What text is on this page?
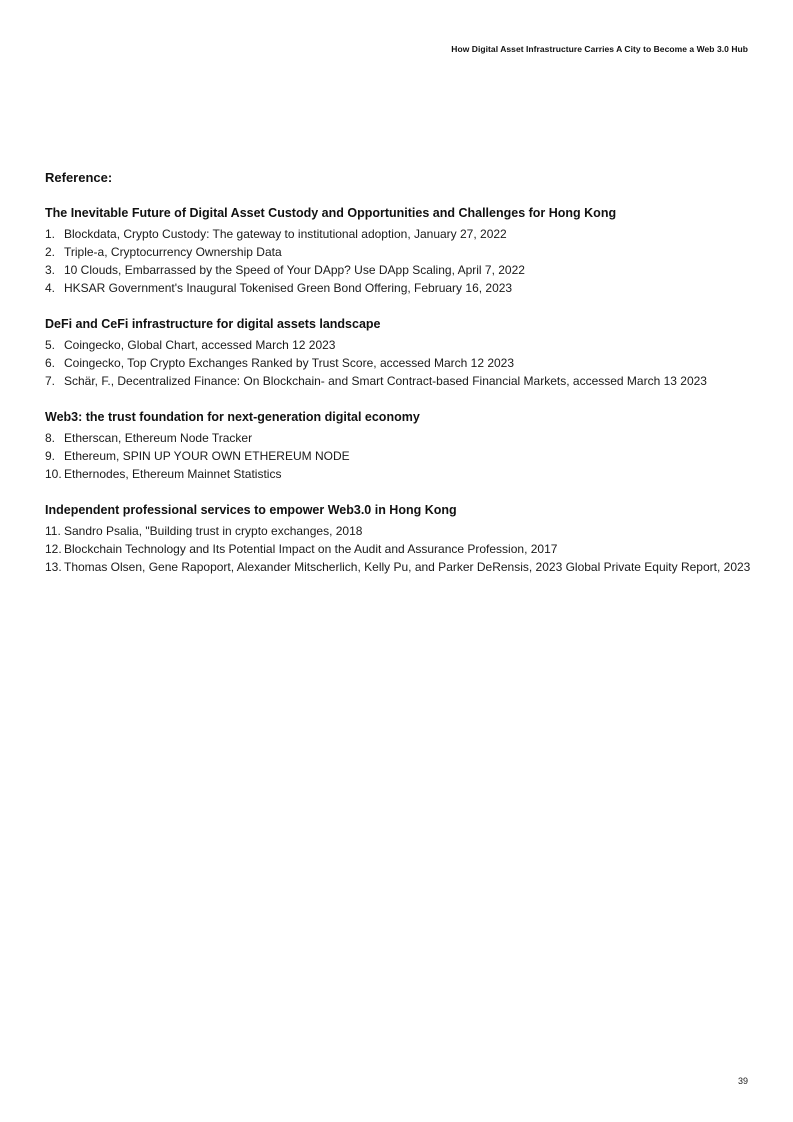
How Digital Asset Infrastructure Carries A City to Become a Web 3.0 Hub
Reference:
The Inevitable Future of Digital Asset Custody and Opportunities and Challenges for Hong Kong
1. Blockdata, Crypto Custody: The gateway to institutional adoption, January 27, 2022
2. Triple-a, Cryptocurrency Ownership Data
3. 10 Clouds, Embarrassed by the Speed of Your DApp? Use DApp Scaling, April 7, 2022
4. HKSAR Government's Inaugural Tokenised Green Bond Offering, February 16, 2023
DeFi and CeFi infrastructure for digital assets landscape
5. Coingecko, Global Chart, accessed March 12 2023
6. Coingecko, Top Crypto Exchanges Ranked by Trust Score, accessed March 12 2023
7. Schär, F., Decentralized Finance: On Blockchain- and Smart Contract-based Financial Markets, accessed March 13 2023
Web3: the trust foundation for next-generation digital economy
8. Etherscan, Ethereum Node Tracker
9. Ethereum, SPIN UP YOUR OWN ETHEREUM NODE
10. Ethernodes, Ethereum Mainnet Statistics
Independent professional services to empower Web3.0 in Hong Kong
11. Sandro Psalia, "Building trust in crypto exchanges, 2018
12. Blockchain Technology and Its Potential Impact on the Audit and Assurance Profession, 2017
13. Thomas Olsen, Gene Rapoport, Alexander Mitscherlich, Kelly Pu, and Parker DeRensis, 2023 Global Private Equity Report, 2023
39
